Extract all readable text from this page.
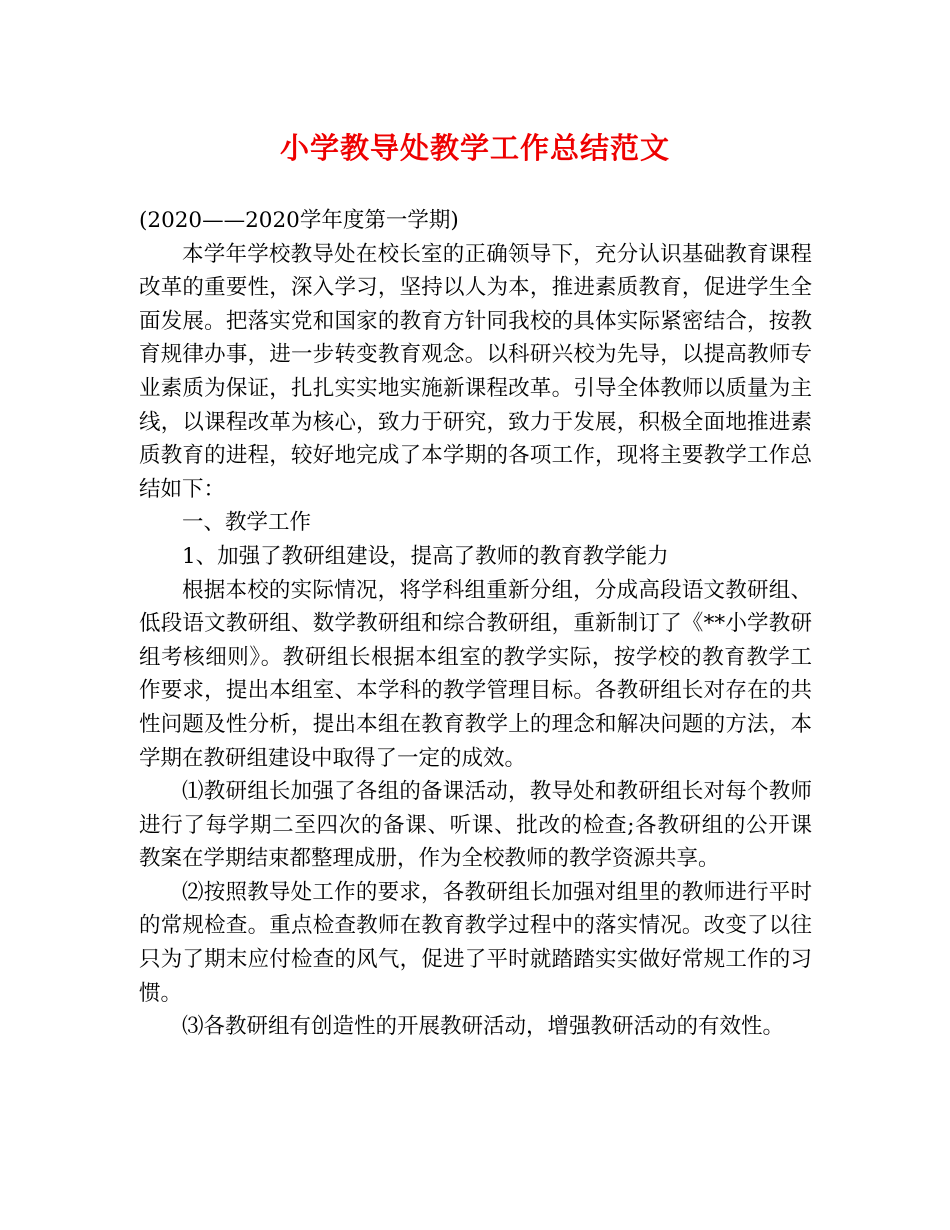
小学教导处教学工作总结范文

(2020——2020学年度第一学期)

本学年学校教导处在校长室的正确领导下，充分认识基础教育课程改革的重要性，深入学习，坚持以人为本，推进素质教育，促进学生全面发展。把落实党和国家的教育方针同我校的具体实际紧密结合，按教育规律办事，进一步转变教育观念。以科研兴校为先导，以提高教师专业素质为保证，扎扎实实地实施新课程改革。引导全体教师以质量为主线，以课程改革为核心，致力于研究，致力于发展，积极全面地推进素质教育的进程，较好地完成了本学期的各项工作，现将主要教学工作总结如下：

一、教学工作

1、加强了教研组建设，提高了教师的教育教学能力

根据本校的实际情况，将学科组重新分组，分成高段语文教研组、低段语文教研组、数学教研组和综合教研组，重新制订了《**小学教研组考核细则》。教研组长根据本组室的教学实际，按学校的教育教学工作要求，提出本组室、本学科的教学管理目标。各教研组长对存在的共性问题及性分析，提出本组在教育教学上的理念和解决问题的方法，本学期在教研组建设中取得了一定的成效。

⑴教研组长加强了各组的备课活动，教导处和教研组长对每个教师进行了每学期二至四次的备课、听课、批改的检查;各教研组的公开课教案在学期结束都整理成册，作为全校教师的教学资源共享。

⑵按照教导处工作的要求，各教研组长加强对组里的教师进行平时的常规检查。重点检查教师在教育教学过程中的落实情况。改变了以往只为了期末应付检查的风气，促进了平时就踏踏实实做好常规工作的习惯。

⑶各教研组有创造性的开展教研活动，增强教研活动的有效性。
